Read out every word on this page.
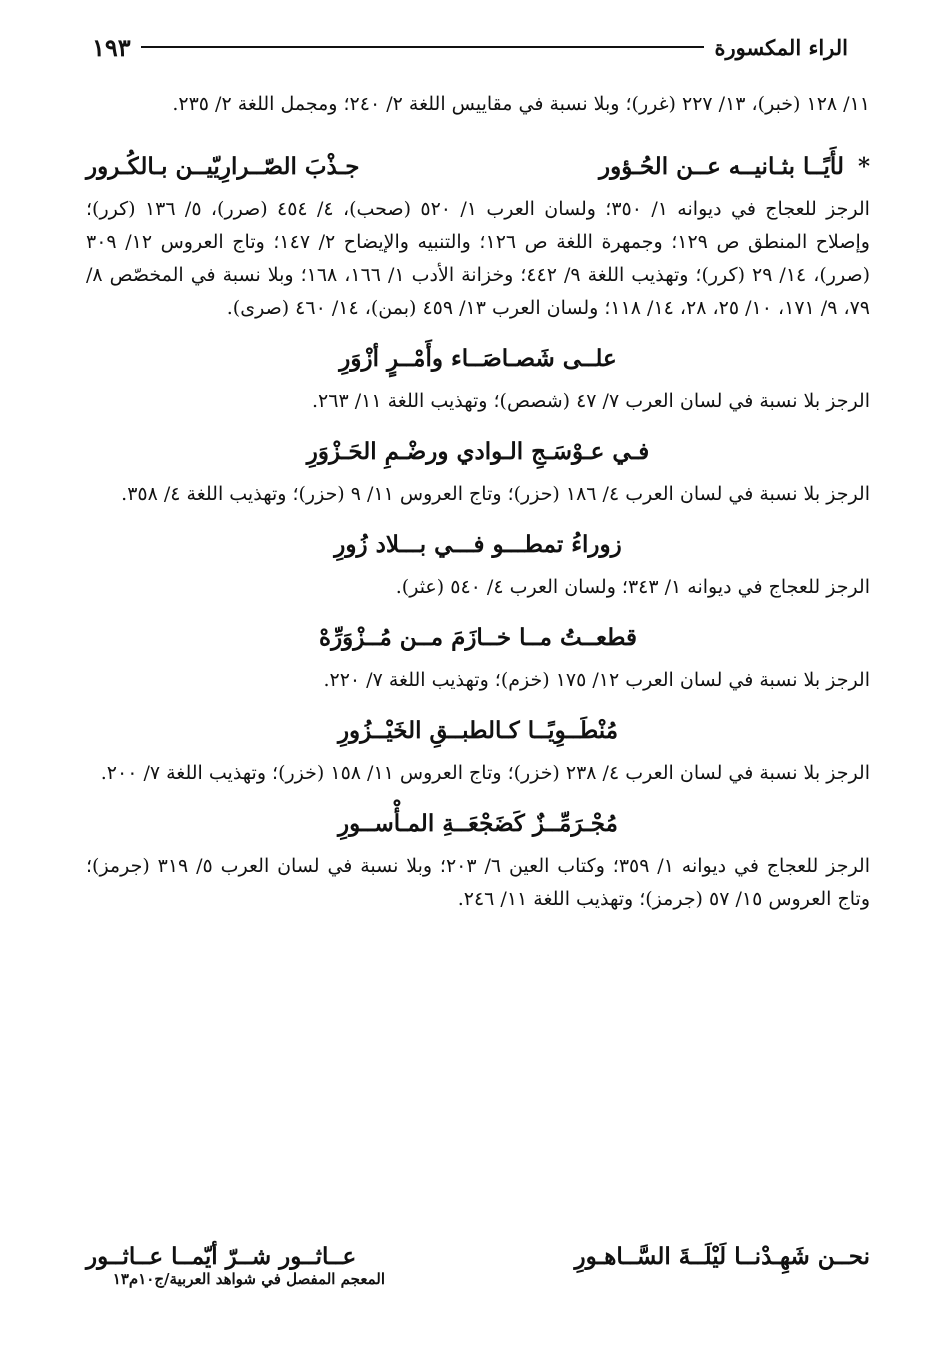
الراء المكسورة
١٩٣

١١/ ١٢٨ (خبر)، ١٣/ ٢٢٧ (غرر)؛ وبلا نسبة في مقاييس اللغة ٢/ ٢٤٠؛ ومجمل اللغة ٢/ ٢٣٥.

* لأَيًــا بثـانيــه عــن الحُـؤور
جـذْبَ الصّــرارِيّيــن بـالكُـرور

الرجز للعجاج في ديوانه ١/ ٣٥٠؛ ولسان العرب ١/ ٥٢٠ (صحب)، ٤/ ٤٥٤ (صرر)، ٥/ ١٣٦ (كرر)؛ وإصلاح المنطق ص ١٢٩؛ وجمهرة اللغة ص ١٢٦؛ والتنبيه والإيضاح ٢/ ١٤٧؛ وتاج العروس ١٢/ ٣٠٩ (صرر)، ١٤/ ٢٩ (كرر)؛ وتهذيب اللغة ٩/ ٤٤٢؛ وخزانة الأدب ١/ ١٦٦، ١٦٨؛ وبلا نسبة في المخصّص ٨/ ٧٩، ٩/ ١٧١، ١٠/ ٢٥، ٢٨، ١٤/ ١١٨؛ ولسان العرب ١٣/ ٤٥٩ (بمن)، ١٤/ ٤٦٠ (صرى).

علــى شَصـاصَــاء وأَمْــرٍ أزْوَرِ

الرجز بلا نسبة في لسان العرب ٧/ ٤٧ (شصص)؛ وتهذيب اللغة ١١/ ٢٦٣.

فـي عـوْسَـجِ الـوادي ورضْـمِ الحَـزْوَرِ

الرجز بلا نسبة في لسان العرب ٤/ ١٨٦ (حزر)؛ وتاج العروس ١١/ ٩ (حزر)؛ وتهذيب اللغة ٤/ ٣٥٨.

زوراءُ تمطـــو فـــي بـــلاد زُورِ

الرجز للعجاج في ديوانه ١/ ٣٤٣؛ ولسان العرب ٤/ ٥٤٠ (عثر).

قطعــتُ مــا خــازَمَ مــن مُــزْوَرِّهْ

الرجز بلا نسبة في لسان العرب ١٢/ ١٧٥ (خزم)؛ وتهذيب اللغة ٧/ ٢٢٠.

مُنْطَــوِيًــا كـالطبــقِ الخَيْــزُورِ

الرجز بلا نسبة في لسان العرب ٤/ ٢٣٨ (خزر)؛ وتاج العروس ١١/ ١٥٨ (خزر)؛ وتهذيب اللغة ٧/ ٢٠٠.

مُجْـرَمِّــزٌ كَضَجْعَــةِ المـأْســورِ

الرجز للعجاج في ديوانه ١/ ٣٥٩؛ وكتاب العين ٦/ ٢٠٣؛ وبلا نسبة في لسان العرب ٥/ ٣١٩ (جرمز)؛ وتاج العروس ١٥/ ٥٧ (جرمز)؛ وتهذيب اللغة ١١/ ٢٤٦.

نحــن شَهِـدْنــا لَيْلَــةَ السَّــاهـورِ
عــاثــور شــرّ أيّمــا عــاثــور
المعجم المفصل في شواهد العربية/ج١٠م١٣
